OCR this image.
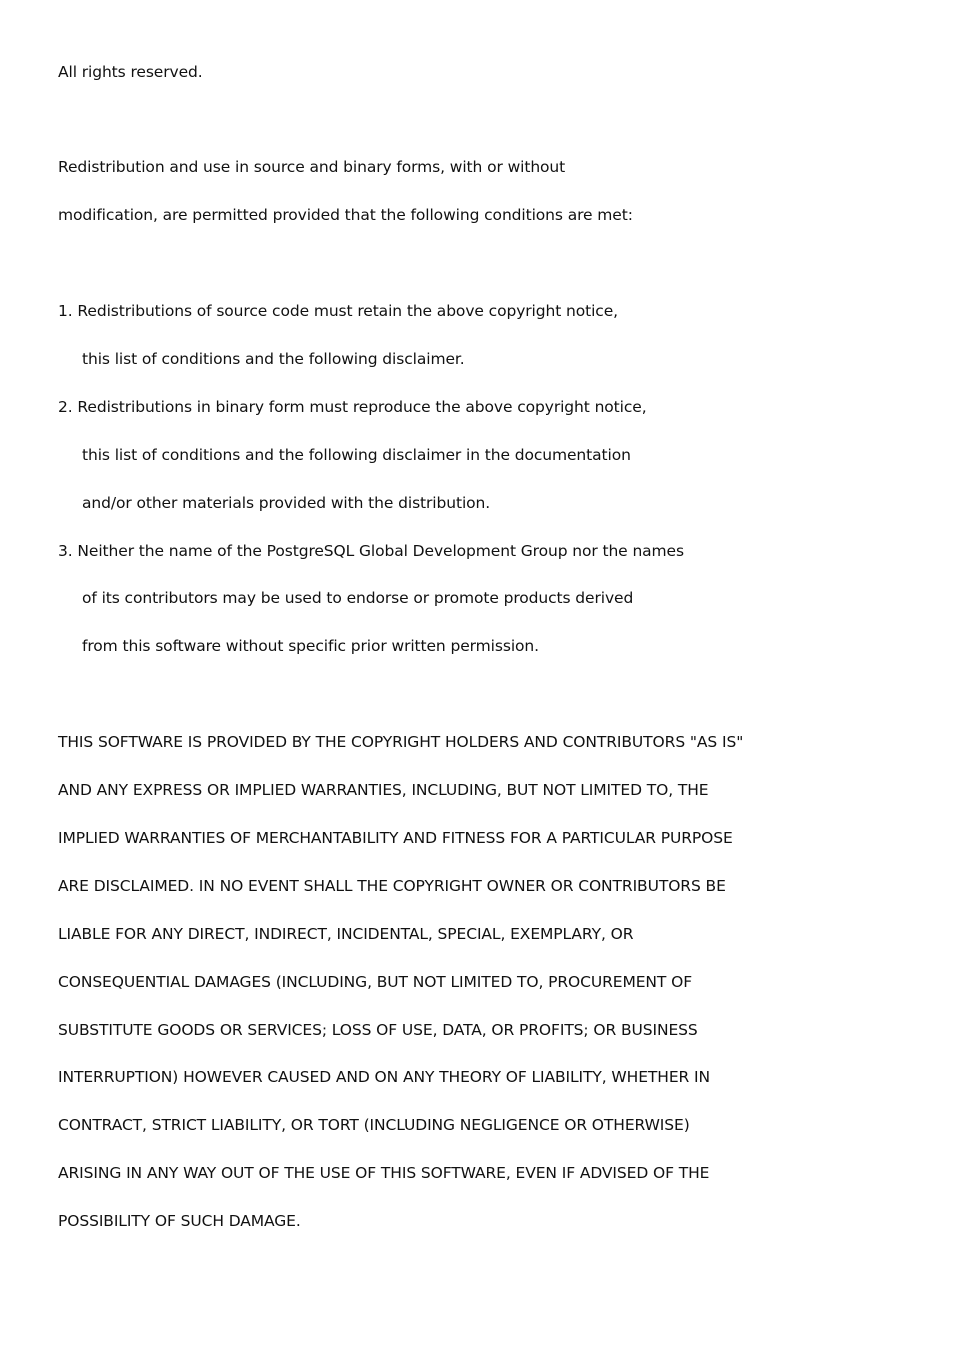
All rights reserved.
Redistribution and use in source and binary forms, with or without
modification, are permitted provided that the following conditions are met:
1. Redistributions of source code must retain the above copyright notice,
this list of conditions and the following disclaimer.
2. Redistributions in binary form must reproduce the above copyright notice,
this list of conditions and the following disclaimer in the documentation
and/or other materials provided with the distribution.
3. Neither the name of the PostgreSQL Global Development Group nor the names
of its contributors may be used to endorse or promote products derived
from this software without specific prior written permission.
THIS SOFTWARE IS PROVIDED BY THE COPYRIGHT HOLDERS AND CONTRIBUTORS "AS IS"
AND ANY EXPRESS OR IMPLIED WARRANTIES, INCLUDING, BUT NOT LIMITED TO, THE
IMPLIED WARRANTIES OF MERCHANTABILITY AND FITNESS FOR A PARTICULAR PURPOSE
ARE DISCLAIMED. IN NO EVENT SHALL THE COPYRIGHT OWNER OR CONTRIBUTORS BE
LIABLE FOR ANY DIRECT, INDIRECT, INCIDENTAL, SPECIAL, EXEMPLARY, OR
CONSEQUENTIAL DAMAGES (INCLUDING, BUT NOT LIMITED TO, PROCUREMENT OF
SUBSTITUTE GOODS OR SERVICES; LOSS OF USE, DATA, OR PROFITS; OR BUSINESS
INTERRUPTION) HOWEVER CAUSED AND ON ANY THEORY OF LIABILITY, WHETHER IN
CONTRACT, STRICT LIABILITY, OR TORT (INCLUDING NEGLIGENCE OR OTHERWISE)
ARISING IN ANY WAY OUT OF THE USE OF THIS SOFTWARE, EVEN IF ADVISED OF THE
POSSIBILITY OF SUCH DAMAGE.
